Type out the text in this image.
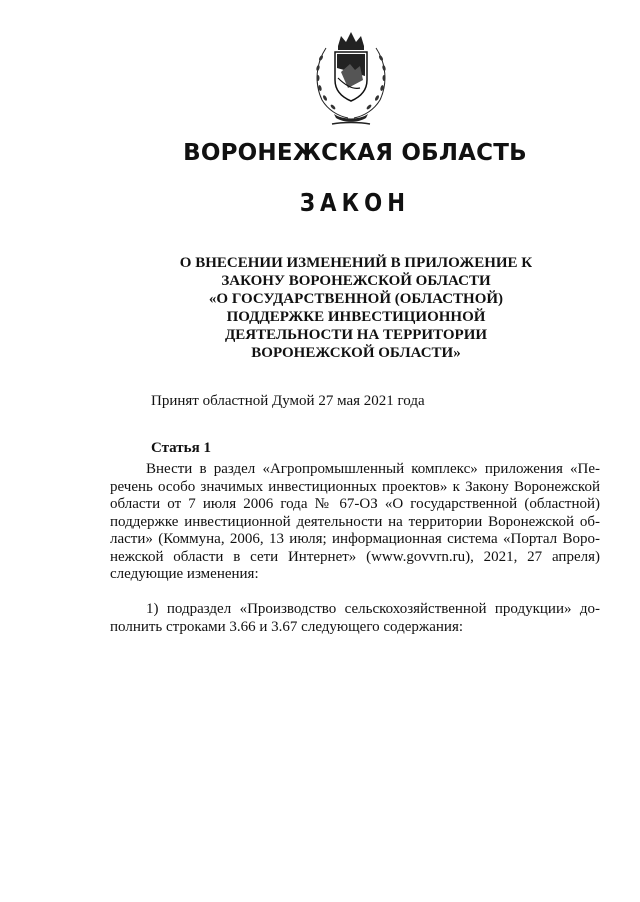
ВОРОНЕЖСКАЯ ОБЛАСТЬ
ЗАКОН
О ВНЕСЕНИИ ИЗМЕНЕНИЙ В ПРИЛОЖЕНИЕ К
ЗАКОНУ ВОРОНЕЖСКОЙ ОБЛАСТИ
«О ГОСУДАРСТВЕННОЙ (ОБЛАСТНОЙ)
ПОДДЕРЖКЕ ИНВЕСТИЦИОННОЙ
ДЕЯТЕЛЬНОСТИ НА ТЕРРИТОРИИ
ВОРОНЕЖСКОЙ ОБЛАСТИ»
Принят областной Думой 27 мая 2021 года
Статья 1
Внести в раздел «Агропромышленный комплекс» приложения «Пе-
речень особо значимых инвестиционных проектов» к Закону Воронежской
области от 7 июля 2006 года № 67-ОЗ «О государственной (областной)
поддержке инвестиционной деятельности на территории Воронежской об-
ласти» (Коммуна, 2006, 13 июля; информационная система «Портал Воро-
нежской области в сети Интернет» (www.govvrn.ru), 2021, 27 апреля)
следующие изменения:
1) подраздел «Производство сельскохозяйственной продукции» до-
полнить строками 3.66 и 3.67 следующего содержания:
